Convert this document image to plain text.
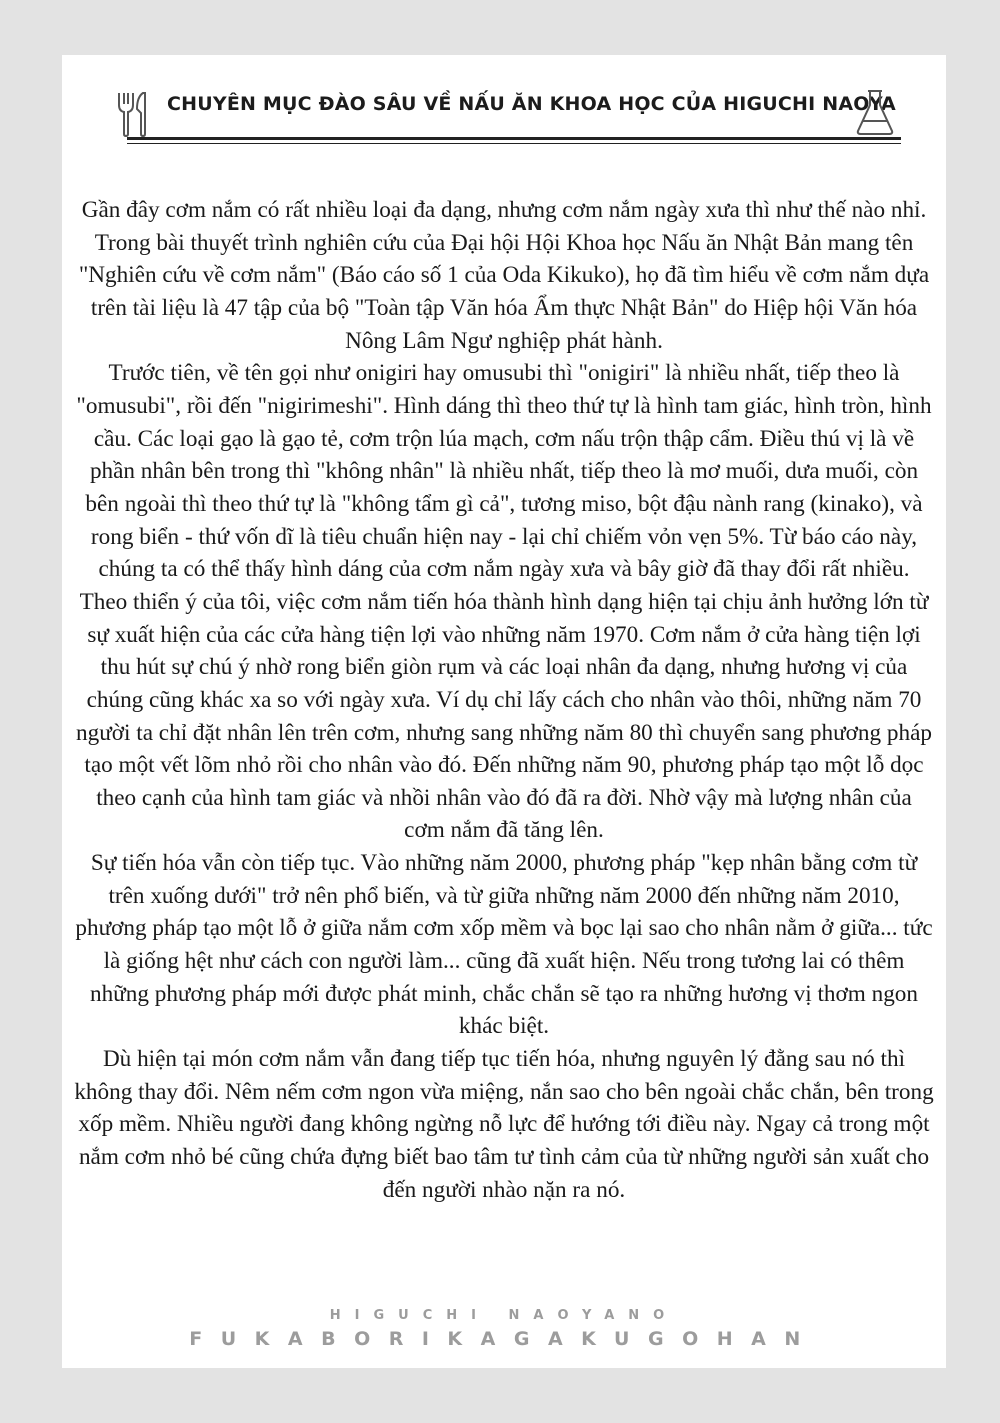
CHUYÊN MỤC ĐÀO SÂU VỀ NẤU ĂN KHOA HỌC CỦA HIGUCHI NAOYA

Gần đây cơm nắm có rất nhiều loại đa dạng, nhưng cơm nắm ngày xưa thì như thế nào nhỉ. Trong bài thuyết trình nghiên cứu của Đại hội Hội Khoa học Nấu ăn Nhật Bản mang tên "Nghiên cứu về cơm nắm" (Báo cáo số 1 của Oda Kikuko), họ đã tìm hiểu về cơm nắm dựa trên tài liệu là 47 tập của bộ "Toàn tập Văn hóa Ẩm thực Nhật Bản" do Hiệp hội Văn hóa Nông Lâm Ngư nghiệp phát hành.

Trước tiên, về tên gọi như onigiri hay omusubi thì "onigiri" là nhiều nhất, tiếp theo là "omusubi", rồi đến "nigirimeshi". Hình dáng thì theo thứ tự là hình tam giác, hình tròn, hình cầu. Các loại gạo là gạo tẻ, cơm trộn lúa mạch, cơm nấu trộn thập cẩm. Điều thú vị là về phần nhân bên trong thì "không nhân" là nhiều nhất, tiếp theo là mơ muối, dưa muối, còn bên ngoài thì theo thứ tự là "không tẩm gì cả", tương miso, bột đậu nành rang (kinako), và rong biển - thứ vốn dĩ là tiêu chuẩn hiện nay - lại chỉ chiếm vỏn vẹn 5%. Từ báo cáo này, chúng ta có thể thấy hình dáng của cơm nắm ngày xưa và bây giờ đã thay đổi rất nhiều.

Theo thiển ý của tôi, việc cơm nắm tiến hóa thành hình dạng hiện tại chịu ảnh hưởng lớn từ sự xuất hiện của các cửa hàng tiện lợi vào những năm 1970. Cơm nắm ở cửa hàng tiện lợi thu hút sự chú ý nhờ rong biển giòn rụm và các loại nhân đa dạng, nhưng hương vị của chúng cũng khác xa so với ngày xưa. Ví dụ chỉ lấy cách cho nhân vào thôi, những năm 70 người ta chỉ đặt nhân lên trên cơm, nhưng sang những năm 80 thì chuyển sang phương pháp tạo một vết lõm nhỏ rồi cho nhân vào đó. Đến những năm 90, phương pháp tạo một lỗ dọc theo cạnh của hình tam giác và nhồi nhân vào đó đã ra đời. Nhờ vậy mà lượng nhân của cơm nắm đã tăng lên.

Sự tiến hóa vẫn còn tiếp tục. Vào những năm 2000, phương pháp "kẹp nhân bằng cơm từ trên xuống dưới" trở nên phổ biến, và từ giữa những năm 2000 đến những năm 2010, phương pháp tạo một lỗ ở giữa nắm cơm xốp mềm và bọc lại sao cho nhân nằm ở giữa... tức là giống hệt như cách con người làm... cũng đã xuất hiện. Nếu trong tương lai có thêm những phương pháp mới được phát minh, chắc chắn sẽ tạo ra những hương vị thơm ngon khác biệt.

Dù hiện tại món cơm nắm vẫn đang tiếp tục tiến hóa, nhưng nguyên lý đằng sau nó thì không thay đổi. Nêm nếm cơm ngon vừa miệng, nắn sao cho bên ngoài chắc chắn, bên trong xốp mềm. Nhiều người đang không ngừng nỗ lực để hướng tới điều này. Ngay cả trong một nắm cơm nhỏ bé cũng chứa đựng biết bao tâm tư tình cảm của từ những người sản xuất cho đến người nhào nặn ra nó.

HIGUCHI NAOYANO
FUKABORIKAGAKUGOHAN
